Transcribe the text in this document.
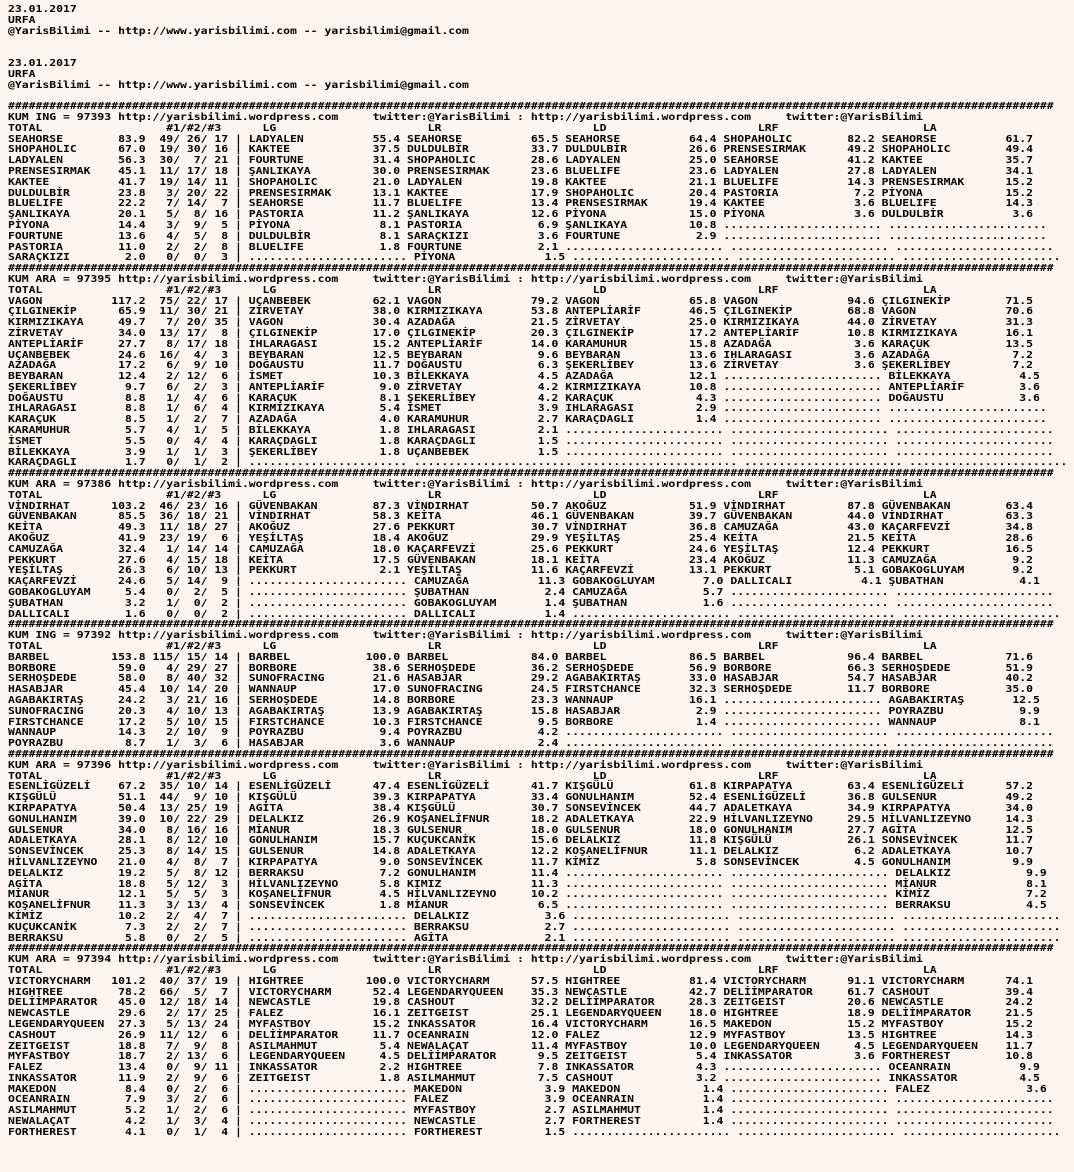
23.01.2017
URFA
@YarisBilimi -- http://www.yarisbilimi.com -- yarisbilimi@gmail.com
23.01.2017
URFA
@YarisBilimi -- http://www.yarisbilimi.com -- yarisbilimi@gmail.com
########################################################################################################################################################
KUM ING = 97393 http://yarisbilimi.wordpress.com     twitter:@YarisBilimi : http://yarisbilimi.wordpress.com     twitter:@YarisBilimi
TOTAL                  #1/#2/#3      LG                      LR                      LD                      LRF                     LA
SEAHORSE        83.9  49/ 26/ 17 | LADYALEN          55.4 SEAHORSE          65.5 SEAHORSE          64.4 SHOPAHOLIC        82.2 SEAHORSE          61.7
SHOPAHOLIC      67.0  19/ 30/ 16 | KAKTEE            37.5 DULDULBİR         33.7 DULDULBİR         26.6 PRENSESIRMAK      49.2 SHOPAHOLIC        49.4
LADYALEN        56.3  30/  7/ 21 | FOURTUNE          31.4 SHOPAHOLIC        28.6 LADYALEN          25.0 SEAHORSE          41.2 KAKTEE            35.7
PRENSESIRMAK    45.1  11/ 17/ 18 | ŞANLIKAYA         30.0 PRENSESIRMAK      23.6 BLUELIFE          23.6 LADYALEN          27.8 LADYALEN          34.1
KAKTEE          41.7  19/ 14/ 11 | SHOPAHOLIC        21.0 LADYALEN          19.8 KAKTEE            21.1 BLUELIFE          14.3 PRENSESIRMAK      15.2
DULDULBİR       23.8   3/ 20/ 22 | PRENSESIRMAK      13.1 KAKTEE            17.9 SHOPAHOLIC        20.4 PASTORIA           7.2 PİYONA            15.2
BLUELIFE        22.2   7/ 14/  7 | SEAHORSE          11.7 BLUELIFE          13.4 PRENSESIRMAK      19.4 KAKTEE             3.6 BLUELIFE          14.3
ŞANLIKAYA       20.1   5/  8/ 16 | PASTORIA          11.2 ŞANLIKAYA         12.6 PİYONA            15.0 PİYONA             3.6 DULDULBİR          3.6
PİYONA          14.4   3/  9/  5 | PİYONA             8.1 PASTORIA           6.9 ŞANLIKAYA         10.8 ....................... .......................
FOURTUNE        13.6   4/  5/  8 | DULDULBİR          8.1 SARAÇKIZI          3.6 FOURTUNE           2.9 ....................... .......................
PASTORIA        11.0   2/  2/  8 | BLUELIFE           1.8 FOURTUNE           2.1 ....................... ....................... .......................
SARAÇKIZI        2.0   0/  0/  3 | ....................... PİYONA             1.5 ....................... ....................... .......................
########################################################################################################################################################
KUM ARA = 97395 http://yarisbilimi.wordpress.com     twitter:@YarisBilimi : http://yarisbilimi.wordpress.com     twitter:@YarisBilimi
TOTAL                  #1/#2/#3      LG                      LR                      LD                      LRF                     LA
VAGON          117.2  75/ 22/ 17 | UÇANBEBEK         62.1 VAGON             79.2 VAGON             65.8 VAGON             94.6 ÇILGINEKİP        71.5
ÇILGINEKİP      65.9  11/ 30/ 21 | ZİRVETAY          38.0 KIRMIZIKAYA       53.8 ANTEPLİARİF       46.5 ÇILGINEKİP        68.8 VAGON             70.6
KIRMIZIKAYA     49.7   7/ 20/ 35 | VAGON             30.4 AZADAĞA           21.5 ZİRVETAY          25.0 KIRMIZIKAYA       44.0 ZİRVETAY          31.3
ZİRVETAY        34.0  13/ 17/  8 | ÇILGINEKİP        17.0 ÇILGINEKİP        20.3 ÇILGINEKİP        17.2 ANTEPLİARİF       10.8 KIRMIZIKAYA       16.1
ANTEPLİARİF     27.7   8/ 17/ 18 | IHLARAGASI        15.2 ANTEPLİARİF       14.0 KARAMUHUR         15.8 AZADAĞA            3.6 KARAÇUK           13.5
UÇANBEBEK       24.6  16/  4/  3 | BEYBARAN          12.5 BEYBARAN           9.6 BEYBARAN          13.6 IHLARAGASI         3.6 AZADAĞA            7.2
AZADAĞA         17.2   6/  9/ 10 | DOĞAUSTU          11.7 DOĞAUSTU           6.3 ŞEKERLİBEY        13.6 ZİRVETAY           3.6 ŞEKERLİBEY         7.2
BEYBARAN        12.4   2/ 12/  6 | İSMET             10.3 BİLEKKAYA          4.5 AZADAĞA           12.1 ....................... BİLEKKAYA          4.5
ŞEKERLİBEY       9.7   6/  2/  3 | ANTEPLİARİF        9.0 ZİRVETAY           4.2 KIRMIZIKAYA       10.8 ....................... ANTEPLİARİF        3.6
DOĞAUSTU         8.8   1/  4/  6 | KARAÇUK            8.1 ŞEKERLİBEY         4.2 KARAÇUK            4.3 ....................... DOĞAUSTU           3.6
IHLARAGASI       8.8   1/  6/  4 | KIRMIZIKAYA        5.4 İSMET              3.9 IHLARAGASI         2.9 ....................... .......................
KARAÇUK          8.5   1/  2/  7 | AZADAĞA            4.0 KARAMUHUR          2.7 KARAÇDAGLI         1.4 ....................... .......................
KARAMUHUR        5.7   4/  1/  5 | BİLEKKAYA          1.8 IHLARAGASI         2.1 ....................... ....................... .......................
İSMET            5.5   0/  4/  4 | KARAÇDAGLI         1.8 KARAÇDAGLI         1.5 ....................... ....................... .......................
BİLEKKAYA        3.9   1/  1/  3 | ŞEKERLİBEY         1.8 UÇANBEBEK          1.5 ....................... ....................... .......................
KARAÇDAGLI       1.7   0/  1/  2 | ....................... ....................... ....................... ....................... .......................
########################################################################################################################################################
KUM ARA = 97386 http://yarisbilimi.wordpress.com     twitter:@YarisBilimi : http://yarisbilimi.wordpress.com     twitter:@YarisBilimi
TOTAL                  #1/#2/#3      LG                      LR                      LD                      LRF                     LA
VİNDIRHAT      103.2  46/ 23/ 16 | GÜVENBAKAN        87.3 VİNDIRHAT         50.7 AKOĞUZ            51.9 VİNDIRHAT         87.8 GÜVENBAKAN        63.4
GÜVENBAKAN      85.5  36/ 18/ 21 | VİNDIRHAT         58.3 KEİTA             46.1 GÜVENBAKAN        39.7 GÜVENBAKAN        44.0 VİNDIRHAT         63.3
KEİTA           49.3  11/ 18/ 27 | AKOĞUZ            27.6 PEKKURT           30.7 VİNDIRHAT         36.8 CAMUZAĞA          43.0 KAÇARFEVZİ        34.8
AKOĞUZ          41.9  23/ 19/  6 | YEŞİLTAŞ          18.4 AKOĞUZ            29.9 YEŞİLTAŞ          25.4 KEİTA             21.5 KEİTA             28.6
CAMUZAĞA        32.4   1/ 14/ 14 | CAMUZAĞA          18.0 KAÇARFEVZİ        25.6 PEKKURT           24.6 YEŞİLTAŞ          12.4 PEKKURT           16.5
PEKKURT         27.6   4/ 15/ 18 | KEİTA             17.5 GÜVENBAKAN        18.1 KEİTA             23.4 AKOĞUZ            11.3 CAMUZAĞA           9.2
YEŞİLTAŞ        26.3   6/ 10/ 13 | PEKKURT            2.1 YEŞİLTAŞ          11.6 KAÇARFEVZİ        13.1 PEKKURT            5.1 GOBAKOGLUYAM       9.2
KAÇARFEVZİ      24.6   5/ 14/  9 | ....................... CAMUZAĞA          11.3 GOBAKOGLUYAM       7.0 DALLICALI          4.1 ŞUBATHAN           4.1
GOBAKOGLUYAM     5.4   0/  2/  5 | ....................... ŞUBATHAN           2.4 CAMUZAĞA           5.7 ....................... .......................
ŞUBATHAN         3.2   1/  0/  2 | ....................... GOBAKOGLUYAM       1.4 ŞUBATHAN           1.6 ....................... .......................
DALLICALI        1.6   0/  0/  2 | ....................... DALLICALI          1.4 ....................... ....................... .......................
########################################################################################################################################################
KUM ING = 97392 http://yarisbilimi.wordpress.com     twitter:@YarisBilimi : http://yarisbilimi.wordpress.com     twitter:@YarisBilimi
TOTAL                  #1/#2/#3      LG                      LR                      LD                      LRF                     LA
BARBEL         153.8 115/ 15/ 14 | BARBEL           100.0 BARBEL            84.0 BARBEL            86.5 BARBEL            96.4 BARBEL            71.6
BORBORE         59.0   4/ 29/ 27 | BORBORE           38.6 SERHOŞDEDE        36.2 SERHOŞDEDE        56.9 BORBORE           66.3 SERHOŞDEDE        51.9
SERHOŞDEDE      58.0   8/ 40/ 32 | SUNOFRACING       21.6 HASABJAR          29.2 AGABAKIRTAŞ       33.0 HASABJAR          54.7 HASABJAR          40.2
HASABJAR        45.4  10/ 14/ 20 | WANNAUP           17.0 SUNOFRACING       24.5 FIRSTCHANCE       32.3 SERHOŞDEDE        11.7 BORBORE           35.0
AGABAKIRTAŞ     24.2   3/ 21/ 16 | SERHOŞDEDE        14.8 BORBORE           23.3 WANNAUP           16.1 ....................... AGABAKIRTAŞ       12.5
SUNOFRACING     20.3   4/ 10/ 13 | AGABAKIRTAŞ       13.9 AGABAKIRTAŞ       15.8 HASABJAR           2.9 ....................... POYRAZBU           9.9
FIRSTCHANCE     17.2   5/ 10/ 15 | FIRSTCHANCE       10.3 FIRSTCHANCE        9.5 BORBORE            1.4 ....................... WANNAUP            8.1
WANNAUP         14.3   2/ 10/  9 | POYRAZBU           9.4 POYRAZBU           4.2 ....................... ....................... .......................
POYRAZBU         8.7   1/  3/  6 | HASABJAR           3.6 WANNAUP            2.4 ....................... ....................... .......................
########################################################################################################################################################
KUM ARA = 97396 http://yarisbilimi.wordpress.com     twitter:@YarisBilimi : http://yarisbilimi.wordpress.com     twitter:@YarisBilimi
TOTAL                  #1/#2/#3      LG                      LR                      LD                      LRF                     LA
ESENLİGÜZELİ    67.2  35/ 10/ 14 | ESENLİGÜZELİ      47.4 ESENLİGÜZELİ      41.7 KIŞGÜLÜ           61.8 KIRPAPATYA        63.4 ESENLİGÜZELİ      57.2
KIŞGÜLÜ         51.1  44/  9/ 10 | KIŞGÜLÜ           39.3 KIRPAPATYA        33.4 GONULHANIM        52.4 ESENLİGÜZELİ      36.8 GULSENUR          49.2
KIRPAPATYA      50.4  13/ 25/ 19 | AGİTA             38.4 KIŞGÜLÜ           30.7 SONSEVİNCEK       44.7 ADALETKAYA        34.9 KIRPAPATYA        34.0
GONULHANIM      39.0  10/ 22/ 29 | DELALKIZ          26.9 KOŞANELİFNUR      18.2 ADALETKAYA        22.9 HİLVANLIZEYNO     29.5 HİLVANLIZEYNO     14.3
GULSENUR        34.0   8/ 16/ 16 | MİANUR            18.3 GULSENUR          18.0 GULSENUR          18.0 GONULHANIM        27.7 AGİTA             12.5
ADALETKAYA      28.1   8/ 12/ 10 | GONULHANIM        15.7 KUÇUKCANİK        15.6 DELALKIZ          11.8 KIŞGÜLÜ           26.1 SONSEVİNCEK       11.7
SONSEVİNCEK     25.3   8/ 14/ 15 | GULSENUR          14.8 ADALETKAYA        12.2 KOŞANELİFNUR      11.1 DELALKIZ           6.2 ADALETKAYA        10.7
HİLVANLIZEYNO   21.0   4/  8/  7 | KIRPAPATYA         9.0 SONSEVİNCEK       11.7 KİMİZ              5.8 SONSEVİNCEK        4.5 GONULHANIM         9.9
DELALKIZ        19.2   5/  8/ 12 | BERRAKSU           7.2 GONULHANIM        11.4 ....................... ....................... DELALKIZ           9.9
AGİTA           18.8   5/ 12/  3 | HİLVANLIZEYNO      5.8 KIMIZ             11.3 ....................... ....................... MİANUR             8.1
MİANUR          12.1   5/  5/  3 | KOŞANELİFNUR       4.5 HİLVANLIZEYNO     10.2 ....................... ....................... KİMİZ              7.2
KOŞANELİFNUR    11.3   3/ 13/  4 | SONSEVİNCEK        1.8 MİANUR             6.5 ....................... ....................... BERRAKSU           4.5
KİMİZ           10.2   2/  4/  7 | ....................... DELALKIZ           3.6 ....................... ....................... .......................
KUÇUKCANİK       7.3   2/  2/  7 | ....................... BERRAKSU           2.7 ....................... ....................... .......................
BERRAKSU         5.8   0/  2/  5 | ....................... AGİTA              2.1 ....................... ....................... .......................
########################################################################################################################################################
KUM ARA = 97394 http://yarisbilimi.wordpress.com     twitter:@YarisBilimi : http://yarisbilimi.wordpress.com     twitter:@YarisBilimi
TOTAL                  #1/#2/#3      LG                      LR                      LD                      LRF                     LA
VICTORYCHARM   101.2  40/ 37/ 19 | HIGHTREE         100.0 VICTORYCHARM      57.5 HIGHTREE          81.4 VICTORYCHARM      91.1 VICTORYCHARM      74.1
HIGHTREE        78.2  66/  5/  7 | VICTORYCHARM      52.4 LEGENDARYQUEEN    35.3 NEWCASTLE         42.7 DELİİMPARATOR     61.7 CASHOUT           39.4
DELİİMPARATOR   45.0  12/ 18/ 14 | NEWCASTLE         19.8 CASHOUT           32.2 DELİİMPARATOR     28.3 ZEITGEIST         20.6 NEWCASTLE         24.2
NEWCASTLE       29.6   2/ 17/ 25 | FALEZ             16.1 ZEITGEIST         25.1 LEGENDARYQUEEN    18.0 HIGHTREE          18.9 DELİİMPARATOR     21.5
LEGENDARYQUEEN  27.3   5/ 13/ 24 | MYFASTBOY         15.2 INKASSATOR        16.4 VICTORYCHARM      16.5 MAKEDON           15.2 MYFASTBOY         15.2
CASHOUT         26.9  11/ 12/  6 | DELİİMPARATOR     11.7 OCEANRAIN         12.0 FALEZ             12.9 MYFASTBOY         13.5 HIGHTREE          14.3
ZEITGEIST       18.8   7/  9/  8 | ASILMAHMUT         5.4 NEWALAÇAT         11.4 MYFASTBOY         10.0 LEGENDARYQUEEN     4.5 LEGENDARYQUEEN    11.7
MYFASTBOY       18.7   2/ 13/  6 | LEGENDARYQUEEN     4.5 DELİİMPARATOR      9.5 ZEITGEIST          5.4 INKASSATOR         3.6 FORTHEREST        10.8
FALEZ           13.4   0/  9/ 11 | INKASSATOR         2.2 HIGHTREE           7.8 INKASSATOR         4.3 ....................... OCEANRAIN          9.9
INKASSATOR      11.9   2/  9/  6 | ZEITGEIST          1.8 ASILMAHMUT         7.5 CASHOUT            3.2 ....................... INKASSATOR         4.5
MAKEDON          8.4   0/  2/  6 | ....................... MAKEDON            3.9 MAKEDON            1.4 ....................... FALEZ              3.6
OCEANRAIN        7.9   3/  2/  6 | ....................... FALEZ              3.9 OCEANRAIN          1.4 ....................... .......................
ASILMAHMUT       5.2   1/  2/  6 | ....................... MYFASTBOY          2.7 ASILMAHMUT         1.4 ....................... .......................
NEWALAÇAT        4.2   1/  3/  4 | ....................... NEWCASTLE          2.7 FORTHEREST         1.4 ....................... .......................
FORTHEREST       4.1   0/  1/  4 | ....................... FORTHEREST         1.5 ....................... ....................... .......................
